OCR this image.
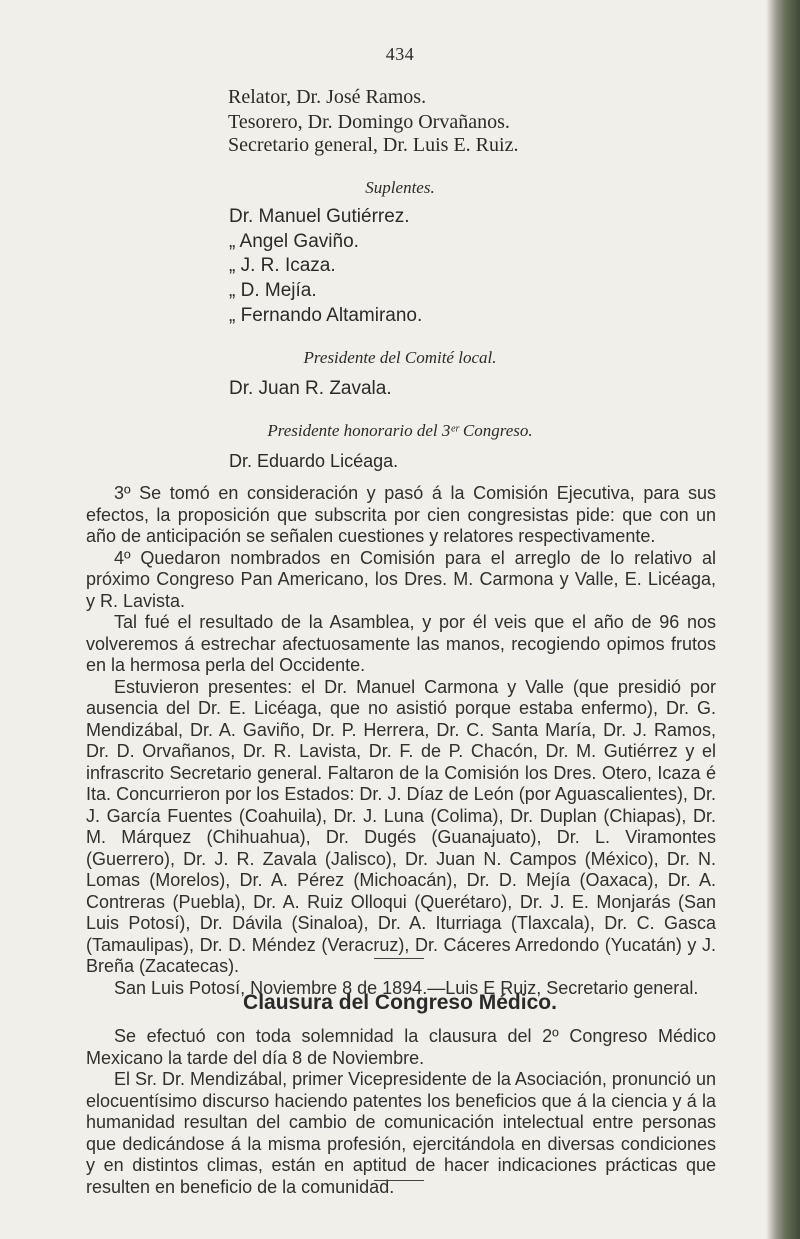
434
Relator, Dr. José Ramos.
Tesorero, Dr. Domingo Orvañanos.
Secretario general, Dr. Luis E. Ruiz.
Suplentes.
Dr. Manuel Gutiérrez.
„ Angel Gaviño.
„ J. R. Icaza.
„ D. Mejía.
„ Fernando Altamirano.
Presidente del Comité local.
Dr. Juan R. Zavala.
Presidente honorario del 3ᵉʳ Congreso.
Dr. Eduardo Licéaga.

3º Se tomó en consideración y pasó á la Comisión Ejecutiva, para sus efectos, la proposición que subscrita por cien congresistas pide: que con un año de anticipación se señalen cuestiones y relatores respectivamente.

4º Quedaron nombrados en Comisión para el arreglo de lo relativo al próximo Congreso Pan Americano, los Dres. M. Carmona y Valle, E. Licéaga, y R. Lavista.

Tal fué el resultado de la Asamblea, y por él veis que el año de 96 nos volveremos á estrechar afectuosamente las manos, recogiendo opimos frutos en la hermosa perla del Occidente.

Estuvieron presentes: el Dr. Manuel Carmona y Valle (que presidió por ausencia del Dr. E. Licéaga, que no asistió porque estaba enfermo), Dr. G. Mendizábal, Dr. A. Gaviño, Dr. P. Herrera, Dr. C. Santa María, Dr. J. Ramos, Dr. D. Orvañanos, Dr. R. Lavista, Dr. F. de P. Chacón, Dr. M. Gutiérrez y el infrascrito Secretario general. Faltaron de la Comisión los Dres. Otero, Icaza é Ita. Concurrieron por los Estados: Dr. J. Díaz de León (por Aguascalientes), Dr. J. García Fuentes (Coahuila), Dr. J. Luna (Colima), Dr. Duplan (Chiapas), Dr. M. Márquez (Chihuahua), Dr. Dugés (Guanajuato), Dr. L. Viramontes (Guerrero), Dr. J. R. Zavala (Jalisco), Dr. Juan N. Campos (México), Dr. N. Lomas (Morelos), Dr. A. Pérez (Michoacán), Dr. D. Mejía (Oaxaca), Dr. A. Contreras (Puebla), Dr. A. Ruiz Olloqui (Querétaro), Dr. J. E. Monjarás (San Luis Potosí), Dr. Dávila (Sinaloa), Dr. A. Iturriaga (Tlaxcala), Dr. C. Gasca (Tamaulipas), Dr. D. Méndez (Veracruz), Dr. Cáceres Arredondo (Yucatán) y J. Breña (Zacatecas).

San Luis Potosí, Noviembre 8 de 1894.—Luis E Ruiz, Secretario general.

Clausura del Congreso Médico.

Se efectuó con toda solemnidad la clausura del 2º Congreso Médico Mexicano la tarde del día 8 de Noviembre.

El Sr. Dr. Mendizábal, primer Vicepresidente de la Asociación, pronunció un elocuentísimo discurso haciendo patentes los beneficios que á la ciencia y á la humanidad resultan del cambio de comunicación intelectual entre personas que dedicándose á la misma profesión, ejercitándola en diversas condiciones y en distintos climas, están en aptitud de hacer indicaciones prácticas que resulten en beneficio de la comunidad.
